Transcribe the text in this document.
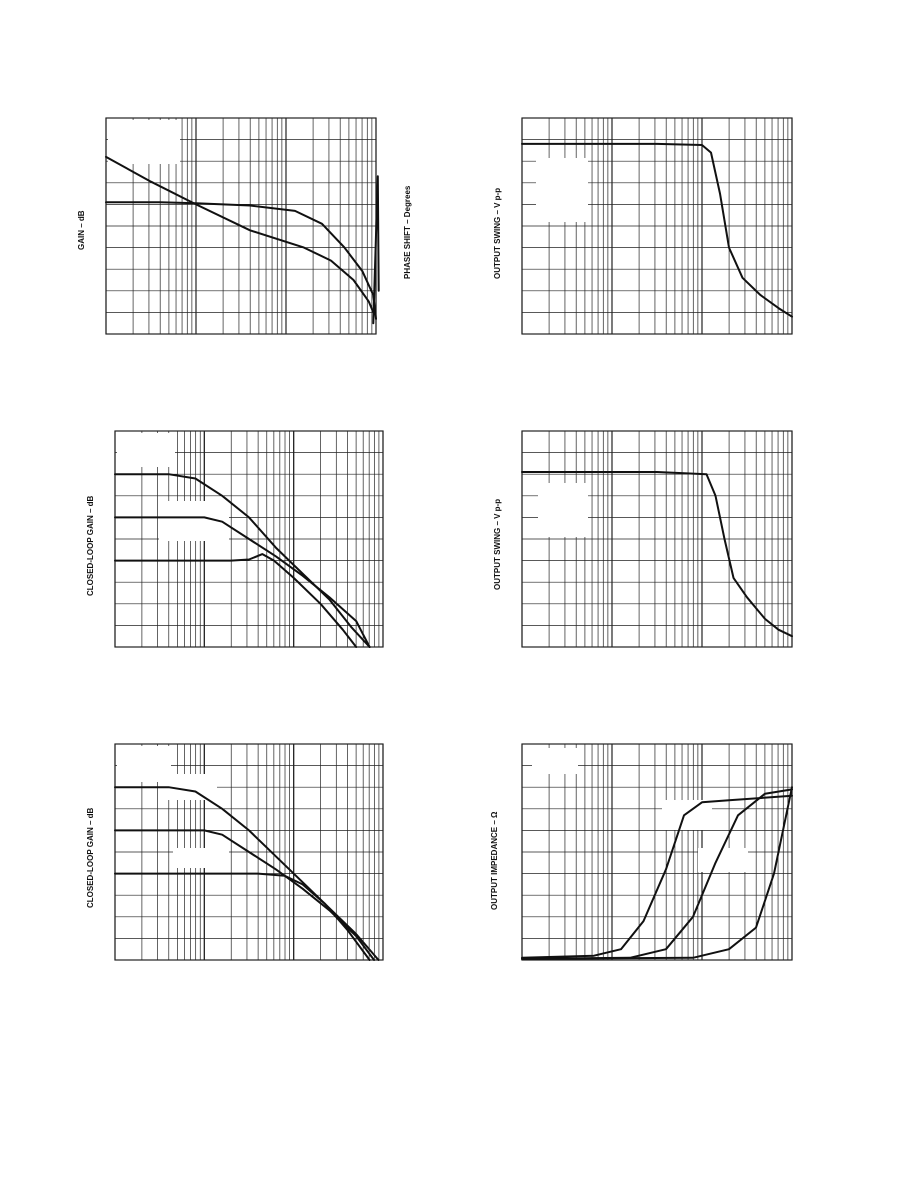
GAIN – dB	PHASE SHIFT – Degrees	OUTPUT SWING – V p-p
CLOSED-LOOP GAIN – dB	OUTPUT SWING – V p-p
CLOSED-LOOP GAIN – dB	OUTPUT IMPEDANCE – Ω
